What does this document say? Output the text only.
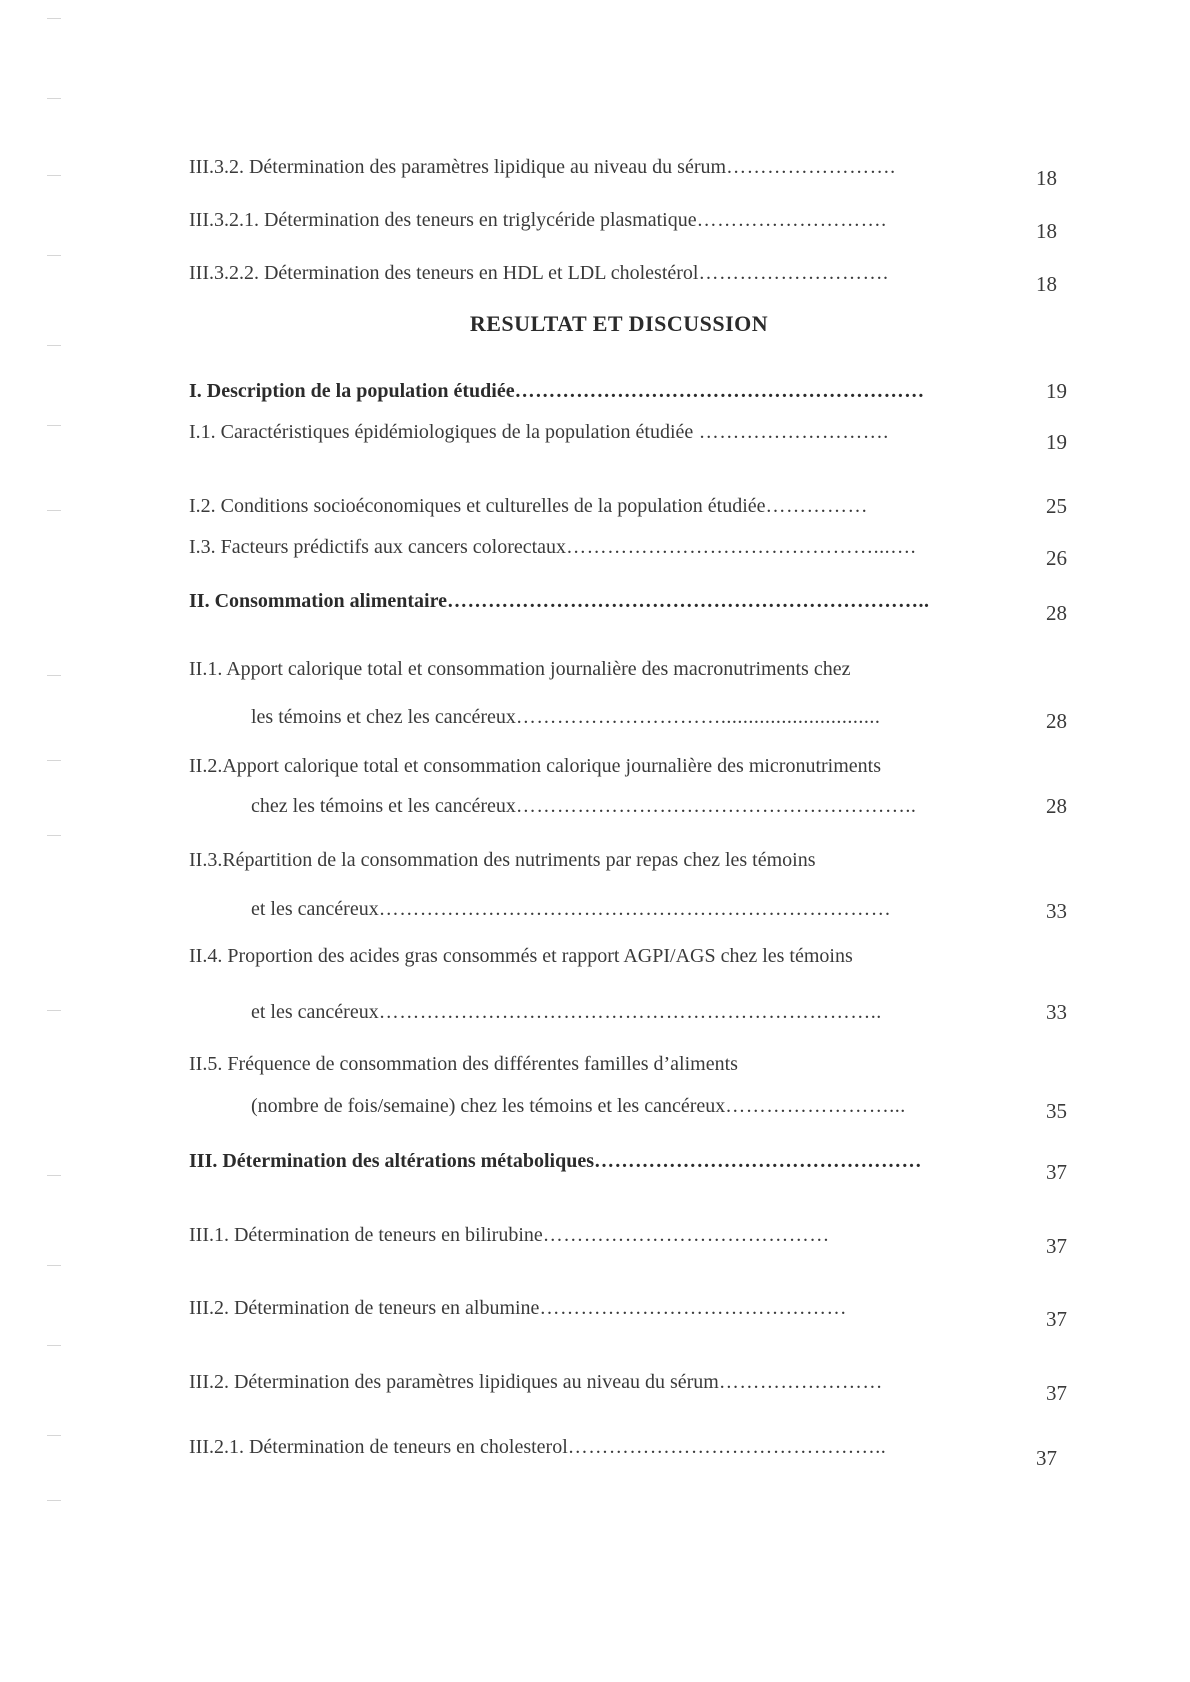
III.3.2. Détermination des paramètres lipidique au niveau du sérum…………………….	18
III.3.2.1. Détermination des teneurs en triglycéride plasmatique……………………….	18
III.3.2.2. Détermination des teneurs en HDL et LDL cholestérol……………………….	18
RESULTAT ET DISCUSSION
I. Description de la population étudiée……………………………………………………	19
I.1. Caractéristiques épidémiologiques de la population étudiée ……………………….	19
I.2. Conditions socioéconomiques et culturelles de la population étudiée……………	25
I.3. Facteurs prédictifs aux cancers colorectaux………………………………………...….	26
II. Consommation alimentaire……………………………………………………………..	28
II.1. Apport calorique total et consommation journalière des macronutriments chez
les témoins et chez les cancéreux………………………….............................	28
II.2.Apport calorique total et consommation calorique journalière des micronutriments
chez les témoins et les cancéreux…………………………………………………..	28
II.3.Répartition de la consommation des nutriments par repas chez les témoins
et les cancéreux…………………………………………………………………	33
II.4. Proportion des acides gras consommés et rapport AGPI/AGS chez les témoins
et les cancéreux………………………………………………………………..	33
II.5. Fréquence de consommation des différentes familles d’aliments
(nombre de fois/semaine) chez les témoins et les cancéreux……………………...	35
III. Détermination des altérations métaboliques…………………………………………	37
III.1. Détermination de teneurs en bilirubine……………………………………	37
III.2. Détermination de teneurs en albumine………………………………………	37
III.2. Détermination des paramètres lipidiques au niveau du sérum……………………	37
III.2.1. Détermination de teneurs en cholesterol………………………………………..	37
